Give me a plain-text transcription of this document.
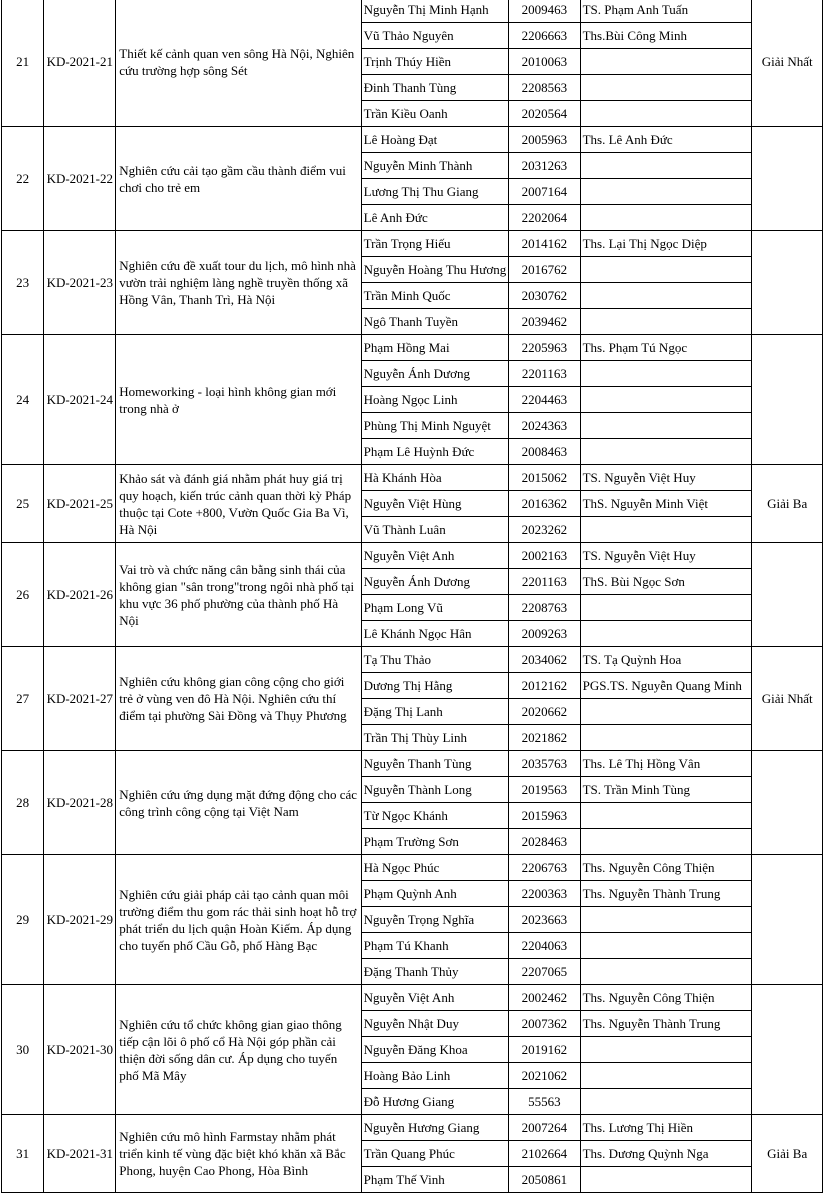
21	KD-2021-21	Thiết kế cảnh quan ven sông Hà Nội, Nghiên cứu trường hợp sông Sét	Nguyễn Thị Minh Hạnh	2009463	TS. Phạm Anh Tuấn	Giải Nhất
			Vũ Thảo Nguyên	2206663	Ths.Bùi Công Minh	
			Trịnh Thúy Hiền	2010063		
			Đinh Thanh Tùng	2208563		
			Trần Kiều Oanh	2020564		
22	KD-2021-22	Nghiên cứu cải tạo gầm cầu thành điểm vui chơi cho trẻ em	Lê Hoàng Đạt	2005963	Ths. Lê Anh Đức	
			Nguyễn Minh Thành	2031263		
			Lương Thị Thu Giang	2007164		
			Lê Anh Đức	2202064		
23	KD-2021-23	Nghiên cứu đề xuất tour du lịch, mô hình nhà vườn trải nghiệm làng nghề truyền thống xã Hồng Vân, Thanh Trì, Hà Nội	Trần Trọng Hiếu	2014162	Ths. Lại Thị Ngọc Diệp	
			Nguyễn Hoàng Thu Hương	2016762		
			Trần Minh Quốc	2030762		
			Ngô Thanh Tuyền	2039462		
24	KD-2021-24	Homeworking - loại hình không gian mới trong nhà ở	Phạm Hồng Mai	2205963	Ths. Phạm Tú Ngọc	
			Nguyễn Ánh Dương	2201163		
			Hoàng Ngọc Linh	2204463		
			Phùng Thị Minh Nguyệt	2024363		
			Phạm Lê Huỳnh Đức	2008463		
25	KD-2021-25	Khảo sát và đánh giá nhằm phát huy giá trị quy hoạch, kiến trúc cảnh quan thời kỳ Pháp thuộc tại Cote +800, Vườn Quốc Gia Ba Vì, Hà Nội	Hà Khánh Hòa	2015062	TS. Nguyễn Việt Huy	Giải Ba
			Nguyễn Việt Hùng	2016362	ThS. Nguyễn Minh Việt	
			Vũ Thành Luân	2023262		
26	KD-2021-26	Vai trò và chức năng cân bằng sinh thái của không gian "sân trong"trong ngôi nhà phố tại khu vực 36 phố phường của thành phố Hà Nội	Nguyễn Việt Anh	2002163	TS. Nguyễn Việt Huy	
			Nguyễn Ánh Dương	2201163	ThS. Bùi Ngọc Sơn	
			Phạm Long Vũ	2208763		
			Lê Khánh Ngọc Hân	2009263		
27	KD-2021-27	Nghiên cứu không gian công cộng cho giới trẻ ở vùng ven đô Hà Nội. Nghiên cứu thí điểm tại phường Sài Đồng và Thụy Phương	Tạ Thu Thảo	2034062	TS. Tạ Quỳnh Hoa	Giải Nhất
			Dương Thị Hằng	2012162	PGS.TS. Nguyễn Quang Minh	
			Đặng Thị Lanh	2020662		
			Trần Thị Thùy Linh	2021862		
28	KD-2021-28	Nghiên cứu ứng dụng mặt đứng động cho các công trình công cộng tại Việt Nam	Nguyễn Thanh Tùng	2035763	Ths. Lê Thị Hồng Vân	
			Nguyễn Thành Long	2019563	TS. Trần Minh Tùng	
			Từ Ngọc Khánh	2015963		
			Phạm Trường Sơn	2028463		
29	KD-2021-29	Nghiên cứu giải pháp cải tạo cảnh quan môi trường điểm thu gom rác thải sinh hoạt hỗ trợ phát triển du lịch quận Hoàn Kiếm. Áp dụng cho tuyến phố Cầu Gỗ, phố Hàng Bạc	Hà Ngọc Phúc	2206763	Ths. Nguyễn Công Thiện	
			Phạm Quỳnh Anh	2200363	Ths. Nguyễn Thành Trung	
			Nguyễn Trọng Nghĩa	2023663		
			Phạm Tú Khanh	2204063		
			Đặng Thanh Thủy	2207065		
30	KD-2021-30	Nghiên cứu tổ chức không gian giao thông tiếp cận lõi ô phố cổ Hà Nội góp phần cải thiện đời sống dân cư. Áp dụng cho tuyến phố Mã Mây	Nguyễn Việt Anh	2002462	Ths. Nguyễn Công Thiện	
			Nguyễn Nhật Duy	2007362	Ths. Nguyễn Thành Trung	
			Nguyễn Đăng Khoa	2019162		
			Hoàng Bảo Linh	2021062		
			Đỗ Hương Giang	55563		
31	KD-2021-31	Nghiên cứu mô hình Farmstay nhằm phát triển kinh tế vùng đặc biệt khó khăn xã Bắc Phong, huyện Cao Phong, Hòa Bình	Nguyễn Hương Giang	2007264	Ths. Lương Thị Hiền	Giải Ba
			Trần Quang Phúc	2102664	Ths. Dương Quỳnh Nga	
			Phạm Thế Vinh	2050861		
